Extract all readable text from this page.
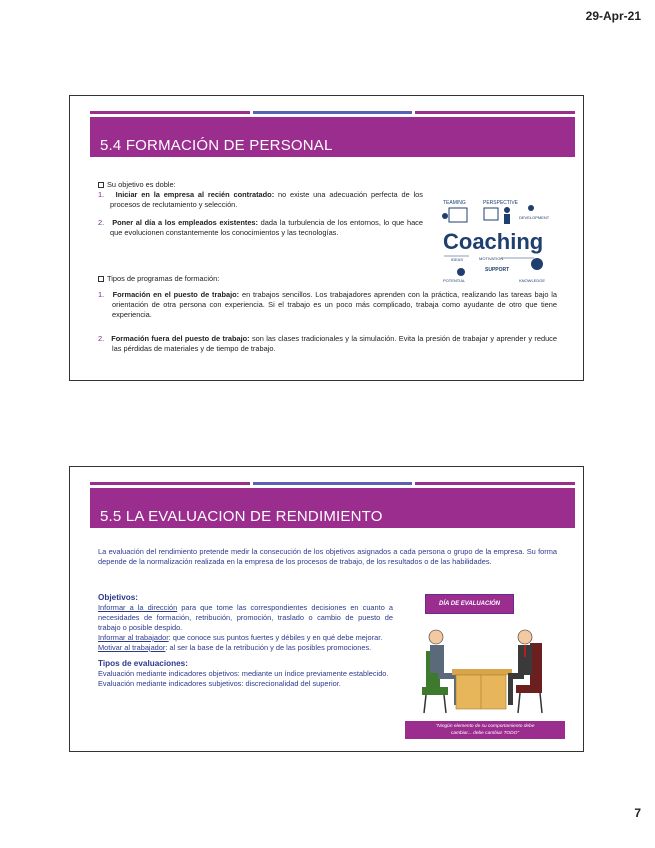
29-Apr-21
5.4 FORMACIÓN DE PERSONAL

Su objetivo es doble:

1. Iniciar en la empresa al recién contratado: no existe una adecuación perfecta de los procesos de reclutamiento y selección.

2. Poner al día a los empleados existentes: dada la turbulencia de los entornos, lo que hace que evolucionen constantemente los conocimientos y las tecnologías.

TEAMING	PERSPECTIVE
DEVELOPMENT
Coaching
IDEAS	MOTIVATION
SUPPORT
POTENTIAL	KNOWLEDGE

Tipos de programas de formación:

1. Formación en el puesto de trabajo: en trabajos sencillos. Los trabajadores aprenden con la práctica, realizando las tareas bajo la orientación de otra persona con experiencia. Si el trabajo es un poco más complicado, trabaja como ayudante de otro que tiene experiencia.

2. Formación fuera del puesto de trabajo: son las clases tradicionales y la simulación. Evita la presión de trabajar y aprender y reduce las pérdidas de materiales y de tiempo de trabajo.

5.5 LA EVALUACION DE RENDIMIENTO

La evaluación del rendimiento pretende medir la consecución de los objetivos asignados a cada persona o grupo de la empresa. Su forma depende de la normalización realizada en la empresa de los procesos de trabajo, de los resultados o de las habilidades.

Objetivos:

Informar a la dirección para que tome las correspondientes decisiones en cuanto a necesidades de formación, retribución, promoción, traslado o cambio de puesto de trabajo o posible despido.

Informar al trabajador: que conoce sus puntos fuertes y débiles y en qué debe mejorar.

Motivar al trabajador: al ser la base de la retribución y de las posibles promociones.

Tipos de evaluaciones:

Evaluación mediante indicadores objetivos: mediante un índice previamente establecido.

Evaluación mediante indicadores subjetivos: discrecionalidad del superior.

DÍA DE EVALUACIÓN
"Ningún elemento de su comportamiento debe
cambiar... debe cambiar TODO"
7
